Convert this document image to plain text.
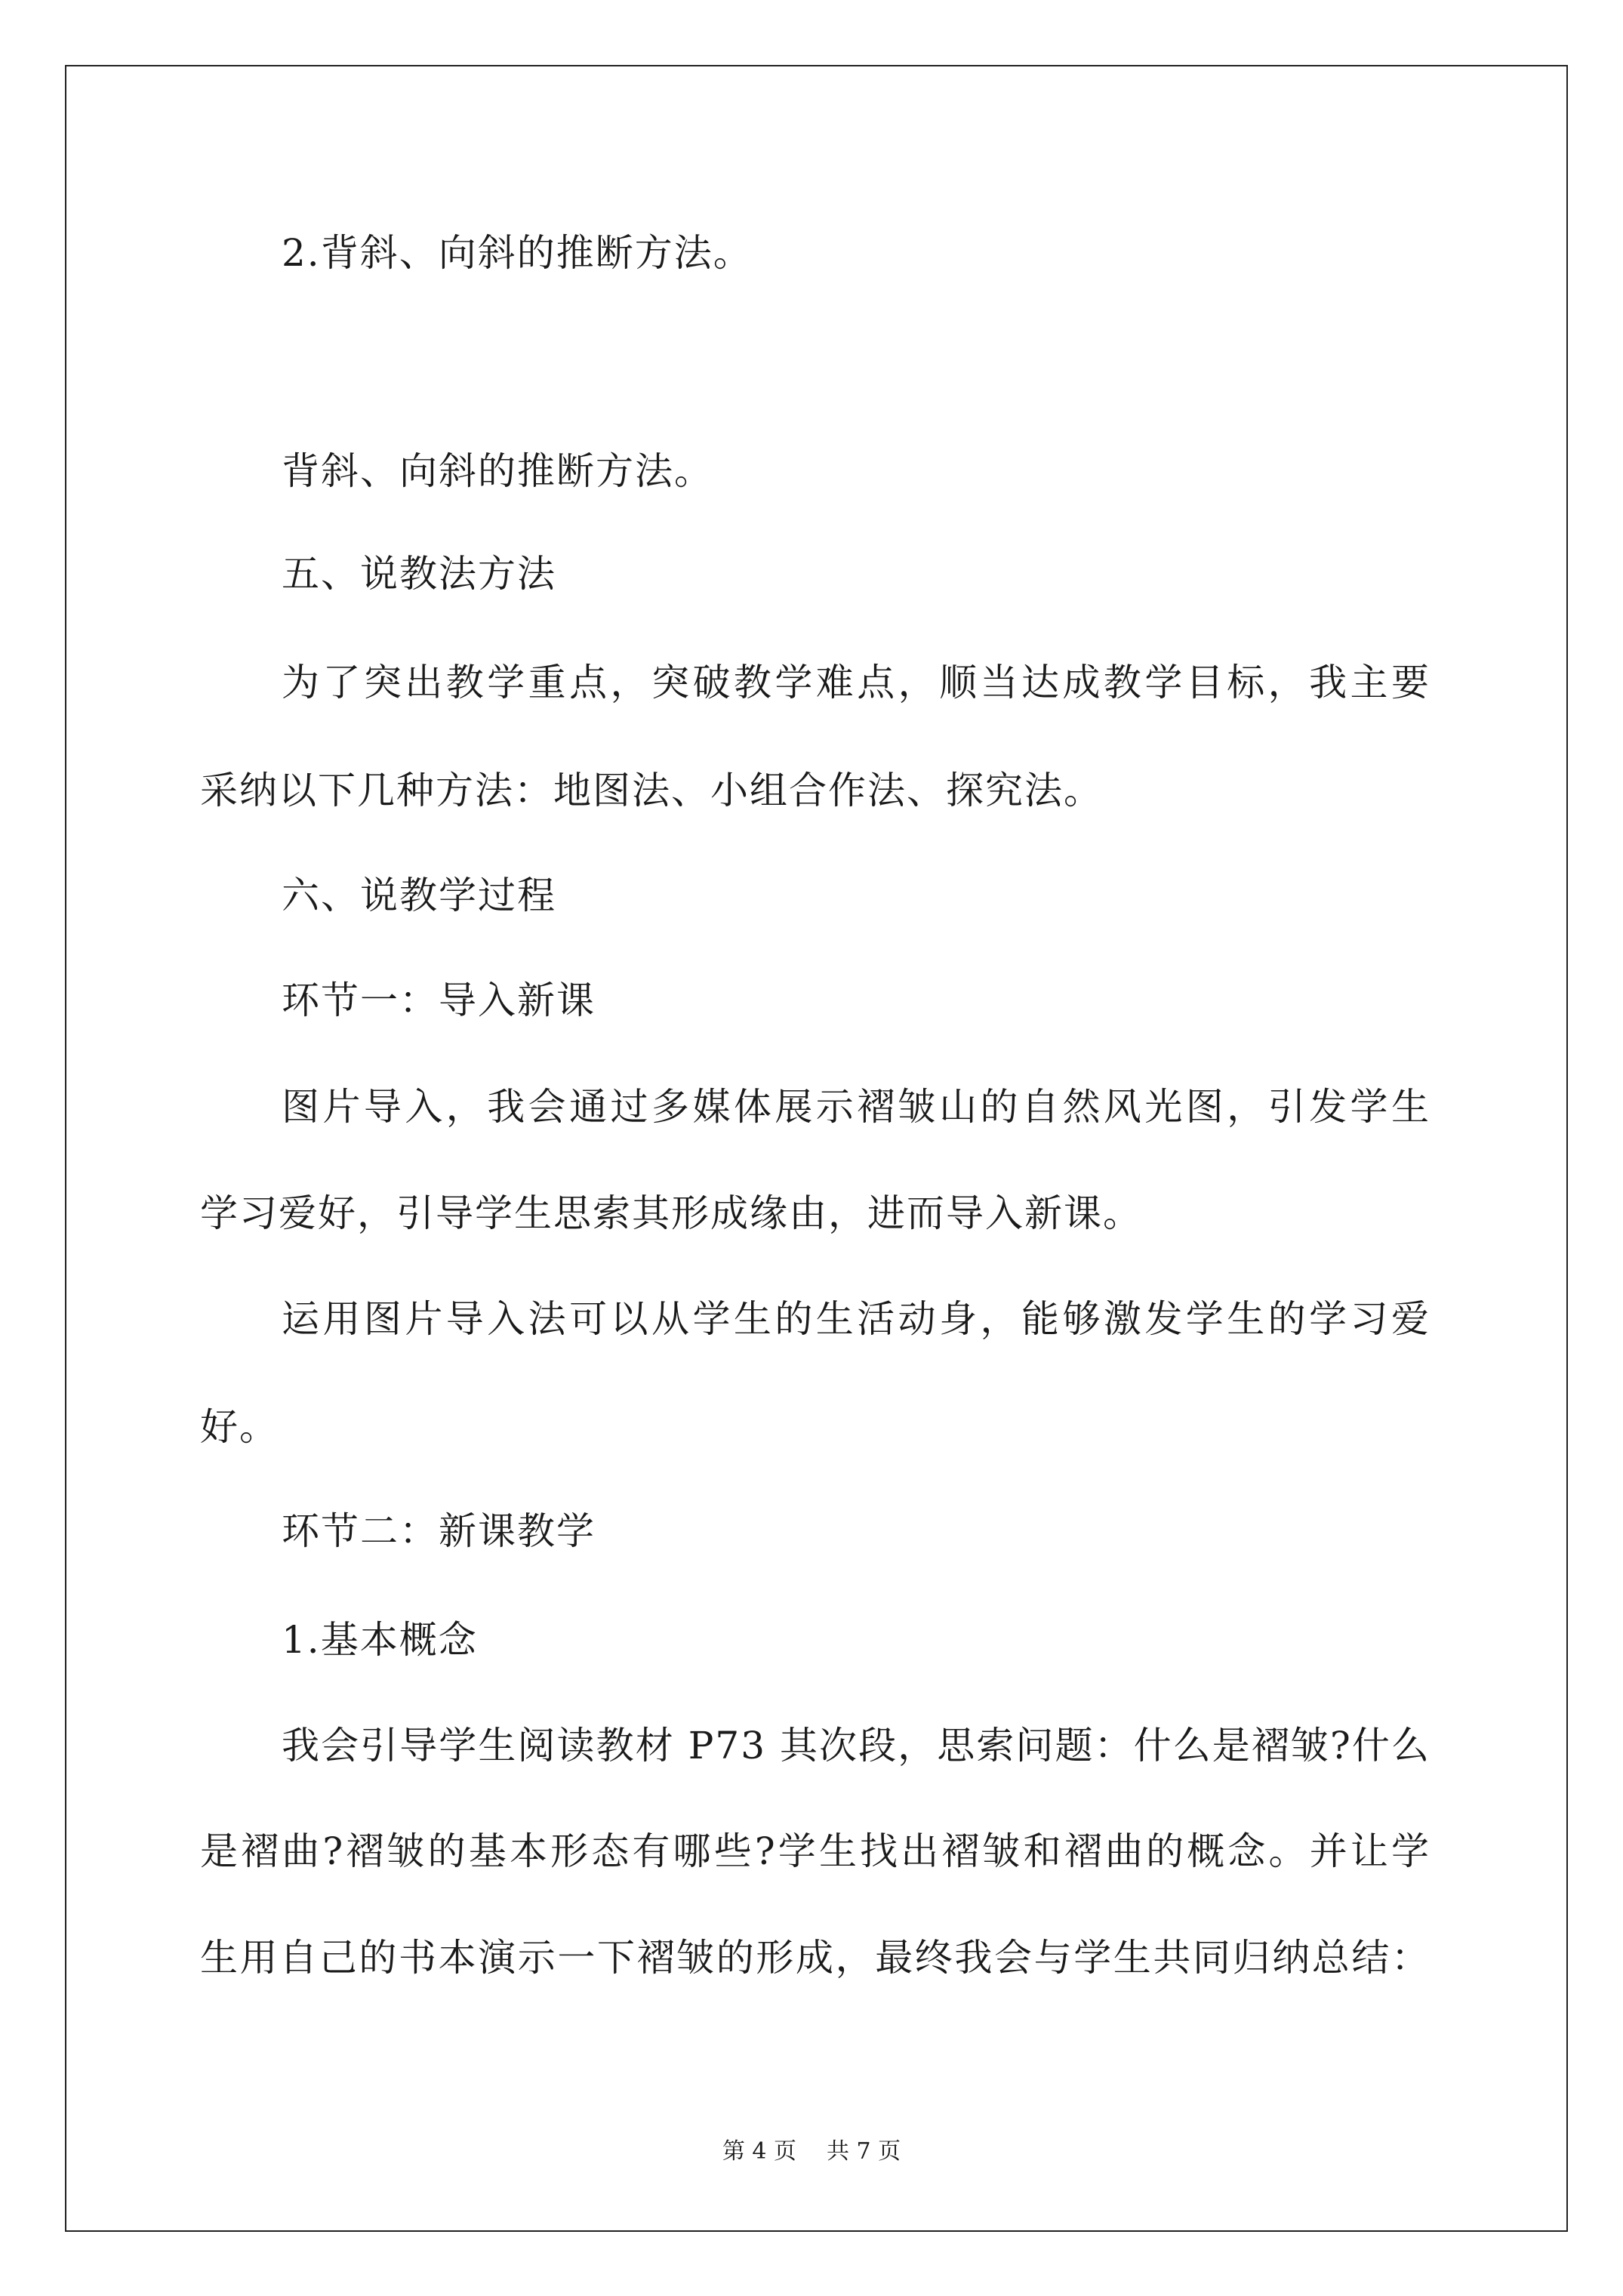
2.背斜、向斜的推断方法。
背斜、向斜的推断方法。
五、说教法方法
为了突出教学重点，突破教学难点，顺当达成教学目标，我主要
采纳以下几种方法：地图法、小组合作法、探究法。
六、说教学过程
环节一：导入新课
图片导入，我会通过多媒体展示褶皱山的自然风光图，引发学生
学习爱好，引导学生思索其形成缘由，进而导入新课。
运用图片导入法可以从学生的生活动身，能够激发学生的学习爱
好。
环节二：新课教学
1.基本概念
我会引导学生阅读教材 P73 其次段，思索问题：什么是褶皱?什么
是褶曲?褶皱的基本形态有哪些?学生找出褶皱和褶曲的概念。并让学
生用自己的书本演示一下褶皱的形成，最终我会与学生共同归纳总结：
第 4 页 共 7 页
